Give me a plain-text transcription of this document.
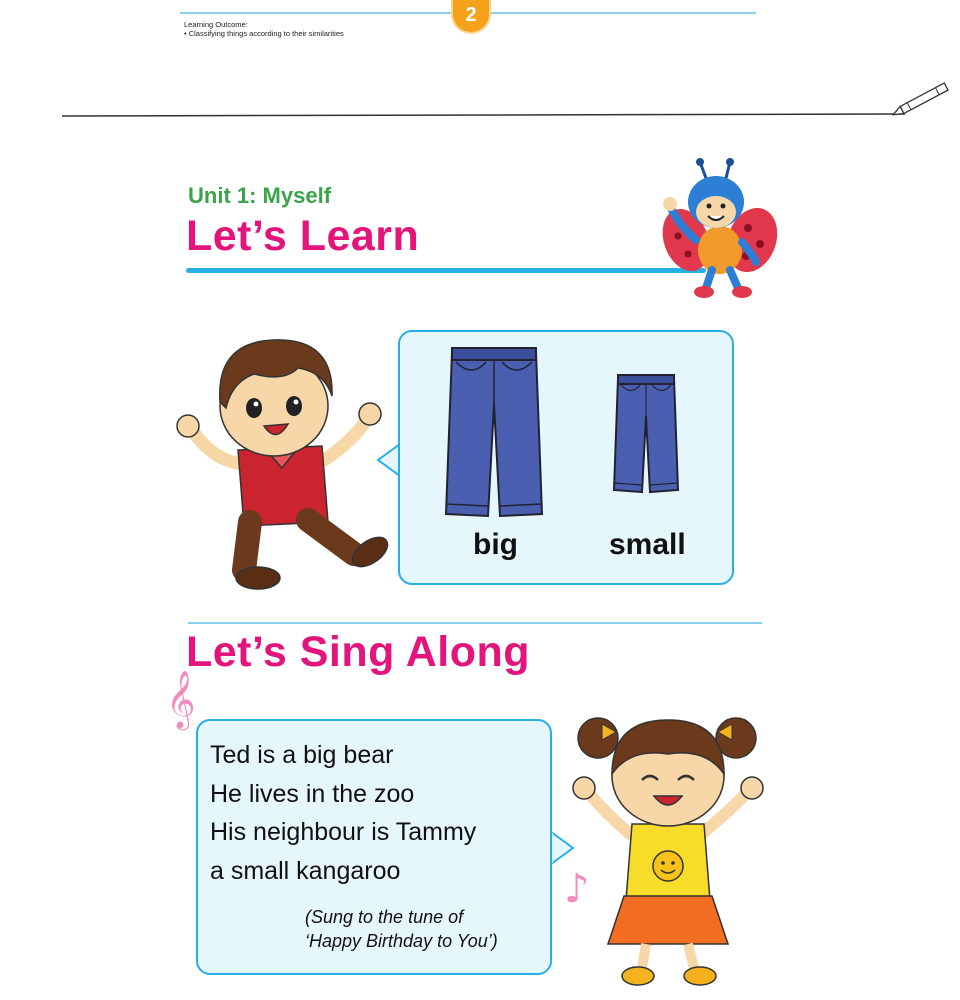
2
Learning Outcome:
• Classifying things according to their similarities
Unit 1: Myself
Let’s Learn
big	small
Let’s Sing Along
𝄞
Ted is a big bear
He lives in the zoo
His neighbour is Tammy
a small kangaroo
(Sung to the tune of
‘Happy Birthday to You’)
♪
